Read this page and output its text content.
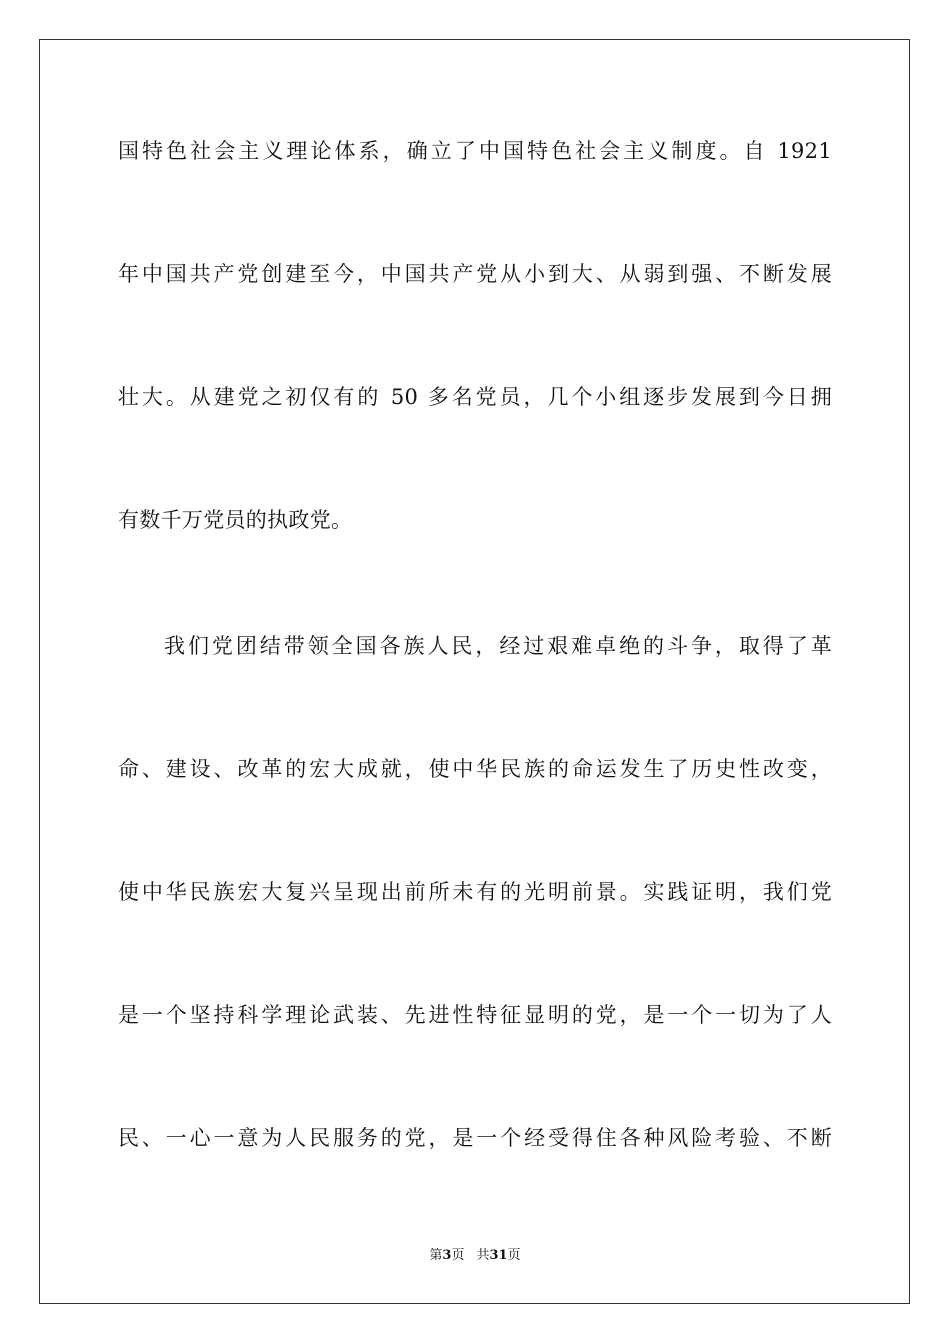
国特色社会主义理论体系，确立了中国特色社会主义制度。自 1921
年中国共产党创建至今，中国共产党从小到大、从弱到强、不断发展
壮大。从建党之初仅有的 50 多名党员，几个小组逐步发展到今日拥
有数千万党员的执政党。
我们党团结带领全国各族人民，经过艰难卓绝的斗争，取得了革
命、建设、改革的宏大成就，使中华民族的命运发生了历史性改变，
使中华民族宏大复兴呈现出前所未有的光明前景。实践证明，我们党
是一个坚持科学理论武装、先进性特征显明的党，是一个一切为了人
民、一心一意为人民服务的党，是一个经受得住各种风险考验、不断
第3页 共31页
